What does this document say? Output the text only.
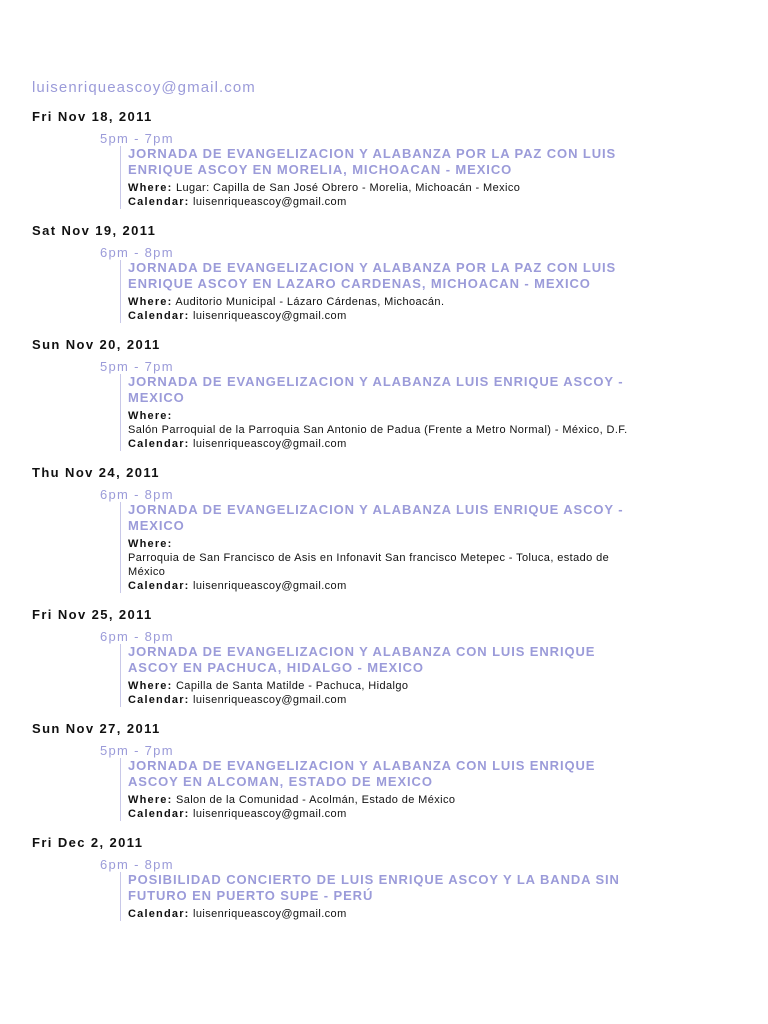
luisenriqueascoy@gmail.com
Fri Nov 18, 2011
5pm - 7pm
JORNADA DE EVANGELIZACION Y ALABANZA POR LA PAZ CON LUIS ENRIQUE ASCOY EN MORELIA, MICHOACAN - MEXICO
Where: Lugar: Capilla de San José Obrero - Morelia, Michoacán - Mexico
Calendar: luisenriqueascoy@gmail.com
Sat Nov 19, 2011
6pm - 8pm
JORNADA DE EVANGELIZACION Y ALABANZA POR LA PAZ CON LUIS ENRIQUE ASCOY EN LAZARO CARDENAS, MICHOACAN - MEXICO
Where: Auditorio Municipal - Lázaro Cárdenas, Michoacán.
Calendar: luisenriqueascoy@gmail.com
Sun Nov 20, 2011
5pm - 7pm
JORNADA DE EVANGELIZACION Y ALABANZA LUIS ENRIQUE ASCOY - MEXICO
Where:
Salón Parroquial de la Parroquia San Antonio de Padua (Frente a Metro Normal) - México, D.F.
Calendar: luisenriqueascoy@gmail.com
Thu Nov 24, 2011
6pm - 8pm
JORNADA DE EVANGELIZACION Y ALABANZA LUIS ENRIQUE ASCOY - MEXICO
Where:
Parroquia de San Francisco de Asis en Infonavit San francisco Metepec - Toluca, estado de México
Calendar: luisenriqueascoy@gmail.com
Fri Nov 25, 2011
6pm - 8pm
JORNADA DE EVANGELIZACION Y ALABANZA CON LUIS ENRIQUE ASCOY EN PACHUCA, HIDALGO - MEXICO
Where: Capilla de Santa Matilde - Pachuca, Hidalgo
Calendar: luisenriqueascoy@gmail.com
Sun Nov 27, 2011
5pm - 7pm
JORNADA DE EVANGELIZACION Y ALABANZA CON LUIS ENRIQUE ASCOY EN ALCOMAN, ESTADO DE MEXICO
Where: Salon de la Comunidad - Acolmán, Estado de México
Calendar: luisenriqueascoy@gmail.com
Fri Dec 2, 2011
6pm - 8pm
POSIBILIDAD CONCIERTO DE LUIS ENRIQUE ASCOY Y LA BANDA SIN FUTURO EN PUERTO SUPE - PERÚ
Calendar: luisenriqueascoy@gmail.com
